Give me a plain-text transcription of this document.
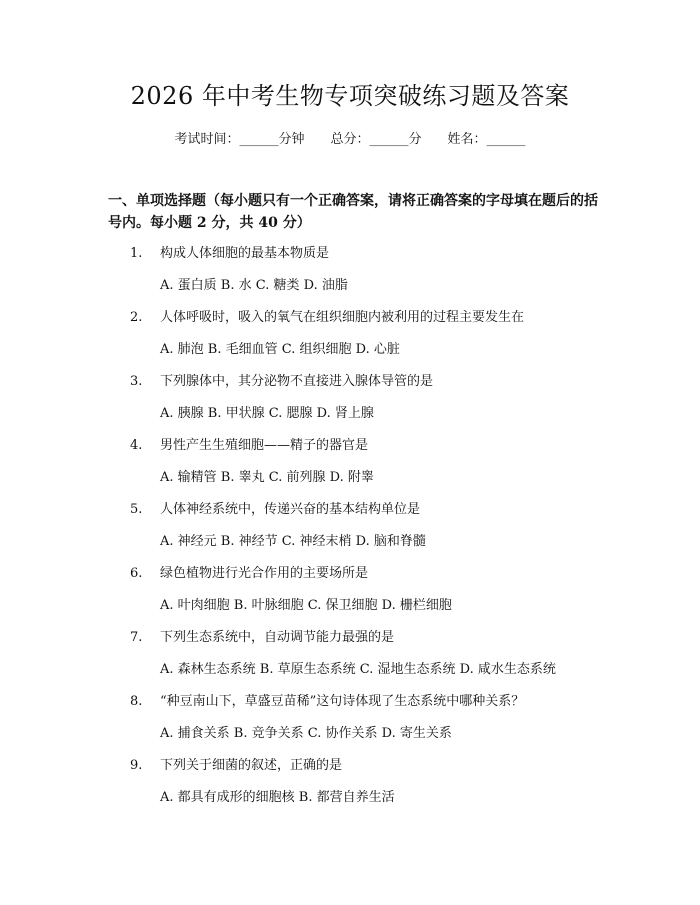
2026 年中考生物专项突破练习题及答案
考试时间：______分钟 总分：______分 姓名：______
一、单项选择题（每小题只有一个正确答案，请将正确答案的字母填在题后的括号内。每小题 2 分，共 40 分）
1. 构成人体细胞的最基本物质是
A. 蛋白质 B. 水 C. 糖类 D. 油脂
2. 人体呼吸时，吸入的氧气在组织细胞内被利用的过程主要发生在
A. 肺泡 B. 毛细血管 C. 组织细胞 D. 心脏
3. 下列腺体中，其分泌物不直接进入腺体导管的是
A. 胰腺 B. 甲状腺 C. 腮腺 D. 肾上腺
4. 男性产生生殖细胞——精子的器官是
A. 输精管 B. 睾丸 C. 前列腺 D. 附睾
5. 人体神经系统中，传递兴奋的基本结构单位是
A. 神经元 B. 神经节 C. 神经末梢 D. 脑和脊髓
6. 绿色植物进行光合作用的主要场所是
A. 叶肉细胞 B. 叶脉细胞 C. 保卫细胞 D. 栅栏细胞
7. 下列生态系统中，自动调节能力最强的是
A. 森林生态系统 B. 草原生态系统 C. 湿地生态系统 D. 咸水生态系统
8. “种豆南山下，草盛豆苗稀”这句诗体现了生态系统中哪种关系？
A. 捕食关系 B. 竞争关系 C. 协作关系 D. 寄生关系
9. 下列关于细菌的叙述，正确的是
A. 都具有成形的细胞核 B. 都营自养生活
